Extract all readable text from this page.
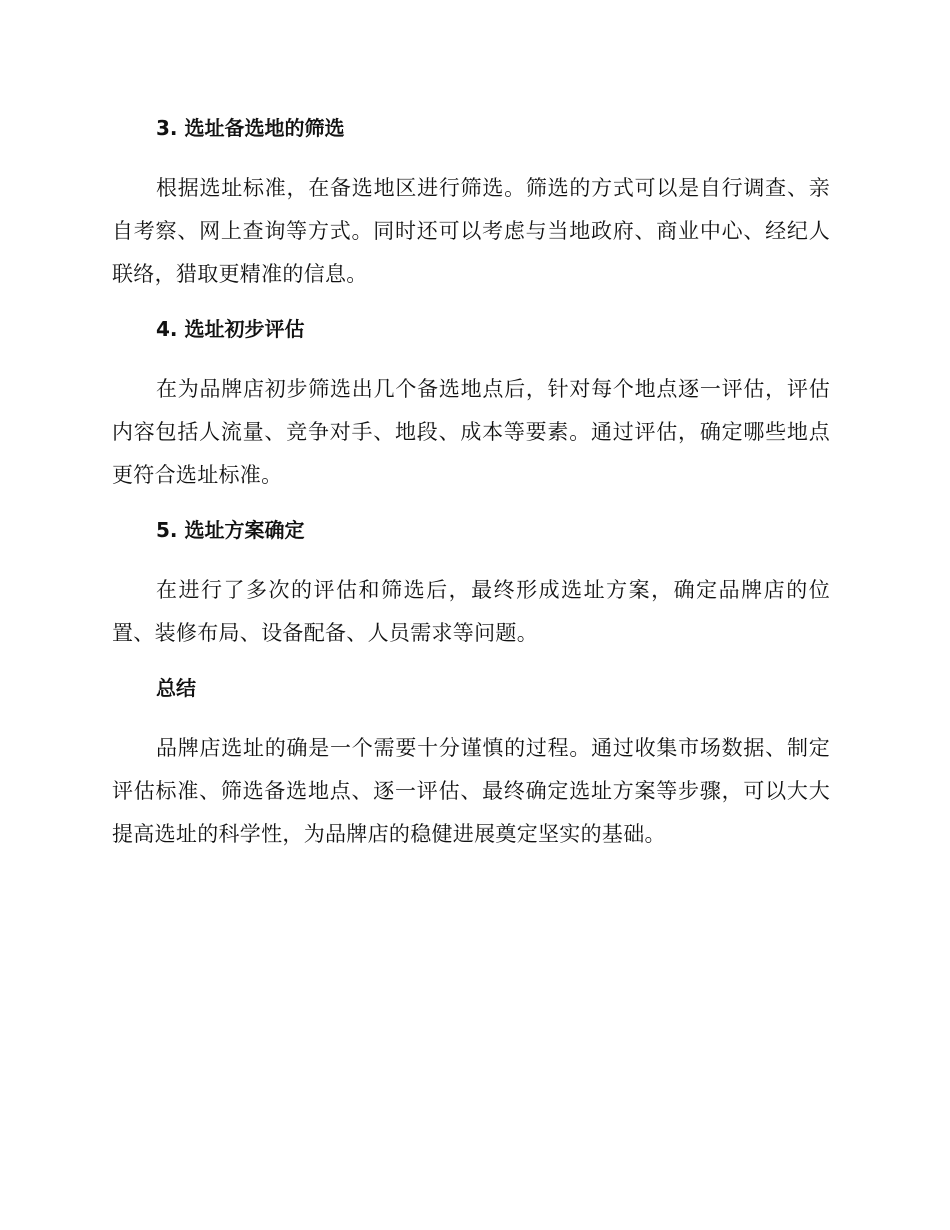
3. 选址备选地的筛选

根据选址标准，在备选地区进行筛选。筛选的方式可以是自行调查、亲自考察、网上查询等方式。同时还可以考虑与当地政府、商业中心、经纪人联络，猎取更精准的信息。

4. 选址初步评估

在为品牌店初步筛选出几个备选地点后，针对每个地点逐一评估，评估内容包括人流量、竞争对手、地段、成本等要素。通过评估，确定哪些地点更符合选址标准。

5. 选址方案确定

在进行了多次的评估和筛选后，最终形成选址方案，确定品牌店的位置、装修布局、设备配备、人员需求等问题。

总结

品牌店选址的确是一个需要十分谨慎的过程。通过收集市场数据、制定评估标准、筛选备选地点、逐一评估、最终确定选址方案等步骤，可以大大提高选址的科学性，为品牌店的稳健进展奠定坚实的基础。
